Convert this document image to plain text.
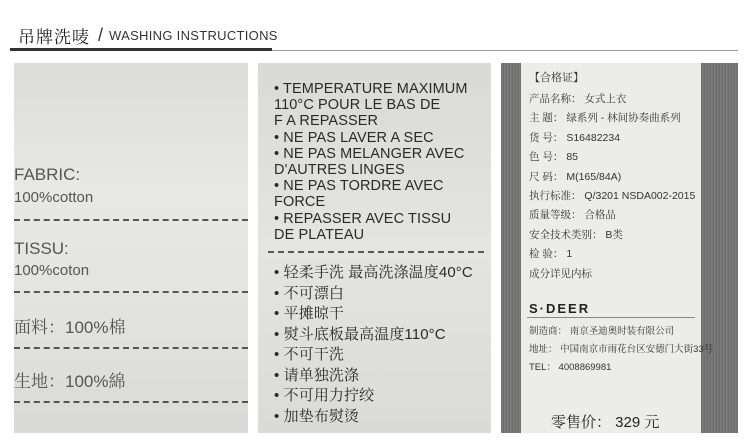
吊牌洗唛 / WASHING INSTRUCTIONS
FABRIC:
100%cotton
TISSU:
100%coton
面料：100%棉
生地：100%綿
• TEMPERATURE MAXIMUM
110°C POUR LE BAS DE
F A REPASSER
• NE PAS LAVER A SEC
• NE PAS MELANGER AVEC
D'AUTRES LINGES
• NE PAS TORDRE AVEC
FORCE
• REPASSER AVEC TISSU
DE PLATEAU
• 轻柔手洗 最高洗涤温度40°C
• 不可漂白
• 平摊晾干
• 熨斗底板最高温度110°C
• 不可干洗
• 请单独洗涤
• 不可用力拧绞
• 加垫布熨烫
【合格证】
产品名称： 女式上衣
主 题： 绿系列 - 林间协奏曲系列
货 号： S16482234
色 号： 85
尺 码： M(165/84A)
执行标准： Q/3201 NSDA002-2015
质量等级： 合格品
安全技术类别： B类
检 验： 1
成分详见内标
S·DEER
制造商： 南京圣迪奥时装有限公司
地址： 中国南京市雨花台区安德门大街33号
TEL： 4008869981
零售价： 329 元
